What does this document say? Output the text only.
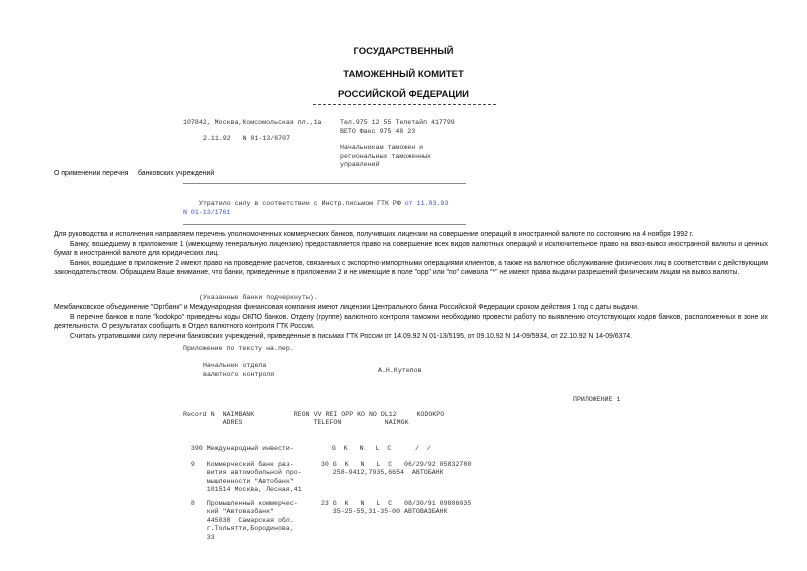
ГОСУДАРСТВЕННЫЙ
ТАМОЖЕННЫЙ КОМИТЕТ
РОССИЙСКОЙ ФЕДЕРАЦИИ
107842, Москва,Комсомольская пл.,1а
2.11.92   N 01-13/6707
Тел.975 12 55 Телетайп 417799
ВЕТО Факс 975 48 23
Начальникам таможен и
региональных таможенных
управлений
О применении перечня     банковских учреждений
Утратило силу в соответствии с Инстр.письмом ГТК РФ от 11.03.93
N 01-13/1761
Для руководства и исполнения направляем перечень уполномоченных коммерческих банков, получивших лицензии на совершение операций в иностранной валюте по состоянию на 4 ноября 1992 г.
Банку, вошедшему в приложение 1 (имеющему генеральную лицензию) предоставляется право на совершение всех видов валютных операций и исключительное право на ввоз-вывоз иностранной валюты и ценных бумаг в иностранной валюте для юридических лиц.
Банки, вошедшие в приложение 2 имеют право на проведение расчетов, связанных с экспортно-импортными операциями клиентов, а также на валютное обслуживание физических лиц в соответствии с действующим законодательством. Обращаем Ваше внимание, что банки, приведенные в приложении 2 и не имеющие в поле "орр" или "по" символа "*" не имеют права выдачи разрешений физическим лицам на вывоз валюты.
(Указанные банки подчеркнуты).
Межбанковское объединение "Оргбанк" и Международная финансовая компания имеют лицензии Центрального банка Российской Федерации сроком действия 1 год с даты выдачи.
В перечне банков в поле "kodokpo" приведены коды ОКПО банков. Отделу (группе) валютного контроля таможни необходимо провести работу по выявлению отсутствующих кодов банков, расположенных в зоне их деятельности. О результатах сообщить в Отдел валютного контроля ГТК России.
Считать утратившими силу перечни банковских учреждений, приведенные в письмах ГТК России от 14.09.92 N 01-13/5195, от 09.10.92 N 14-09/5934, от 22.10.92 N 14-09/6374.
Приложение по тексту на.пер.
Начальник отдела
валютного контроля
А.Н.Кутепов
ПРИЛОЖЕНИЕ 1
Record N  NAIMBANK          REGN VV REI OPP KO NO DL12     KODOKPO
ADRES                  TELEFON           NAIMGK

390 Международный инвести-	G  K   N   L  C      /  /

9   Коммерческий банк раз-
вития автомобильной про-
мышленности "Автобанк"
101514 Москва, Лесная,4130 G  K   N   L  C   06/29/92 05832780
258-9412,7935,6654  АВТОБАНК

8   Промышленный коммерчес-
кий "Автовазбанк"
445038  Самарская обл.
г.Тольятти,Бородинова,
3323 G  K   N   L  C   08/30/91 09806035
35-25-55,31-35-00 АВТОВАЗБАНК
